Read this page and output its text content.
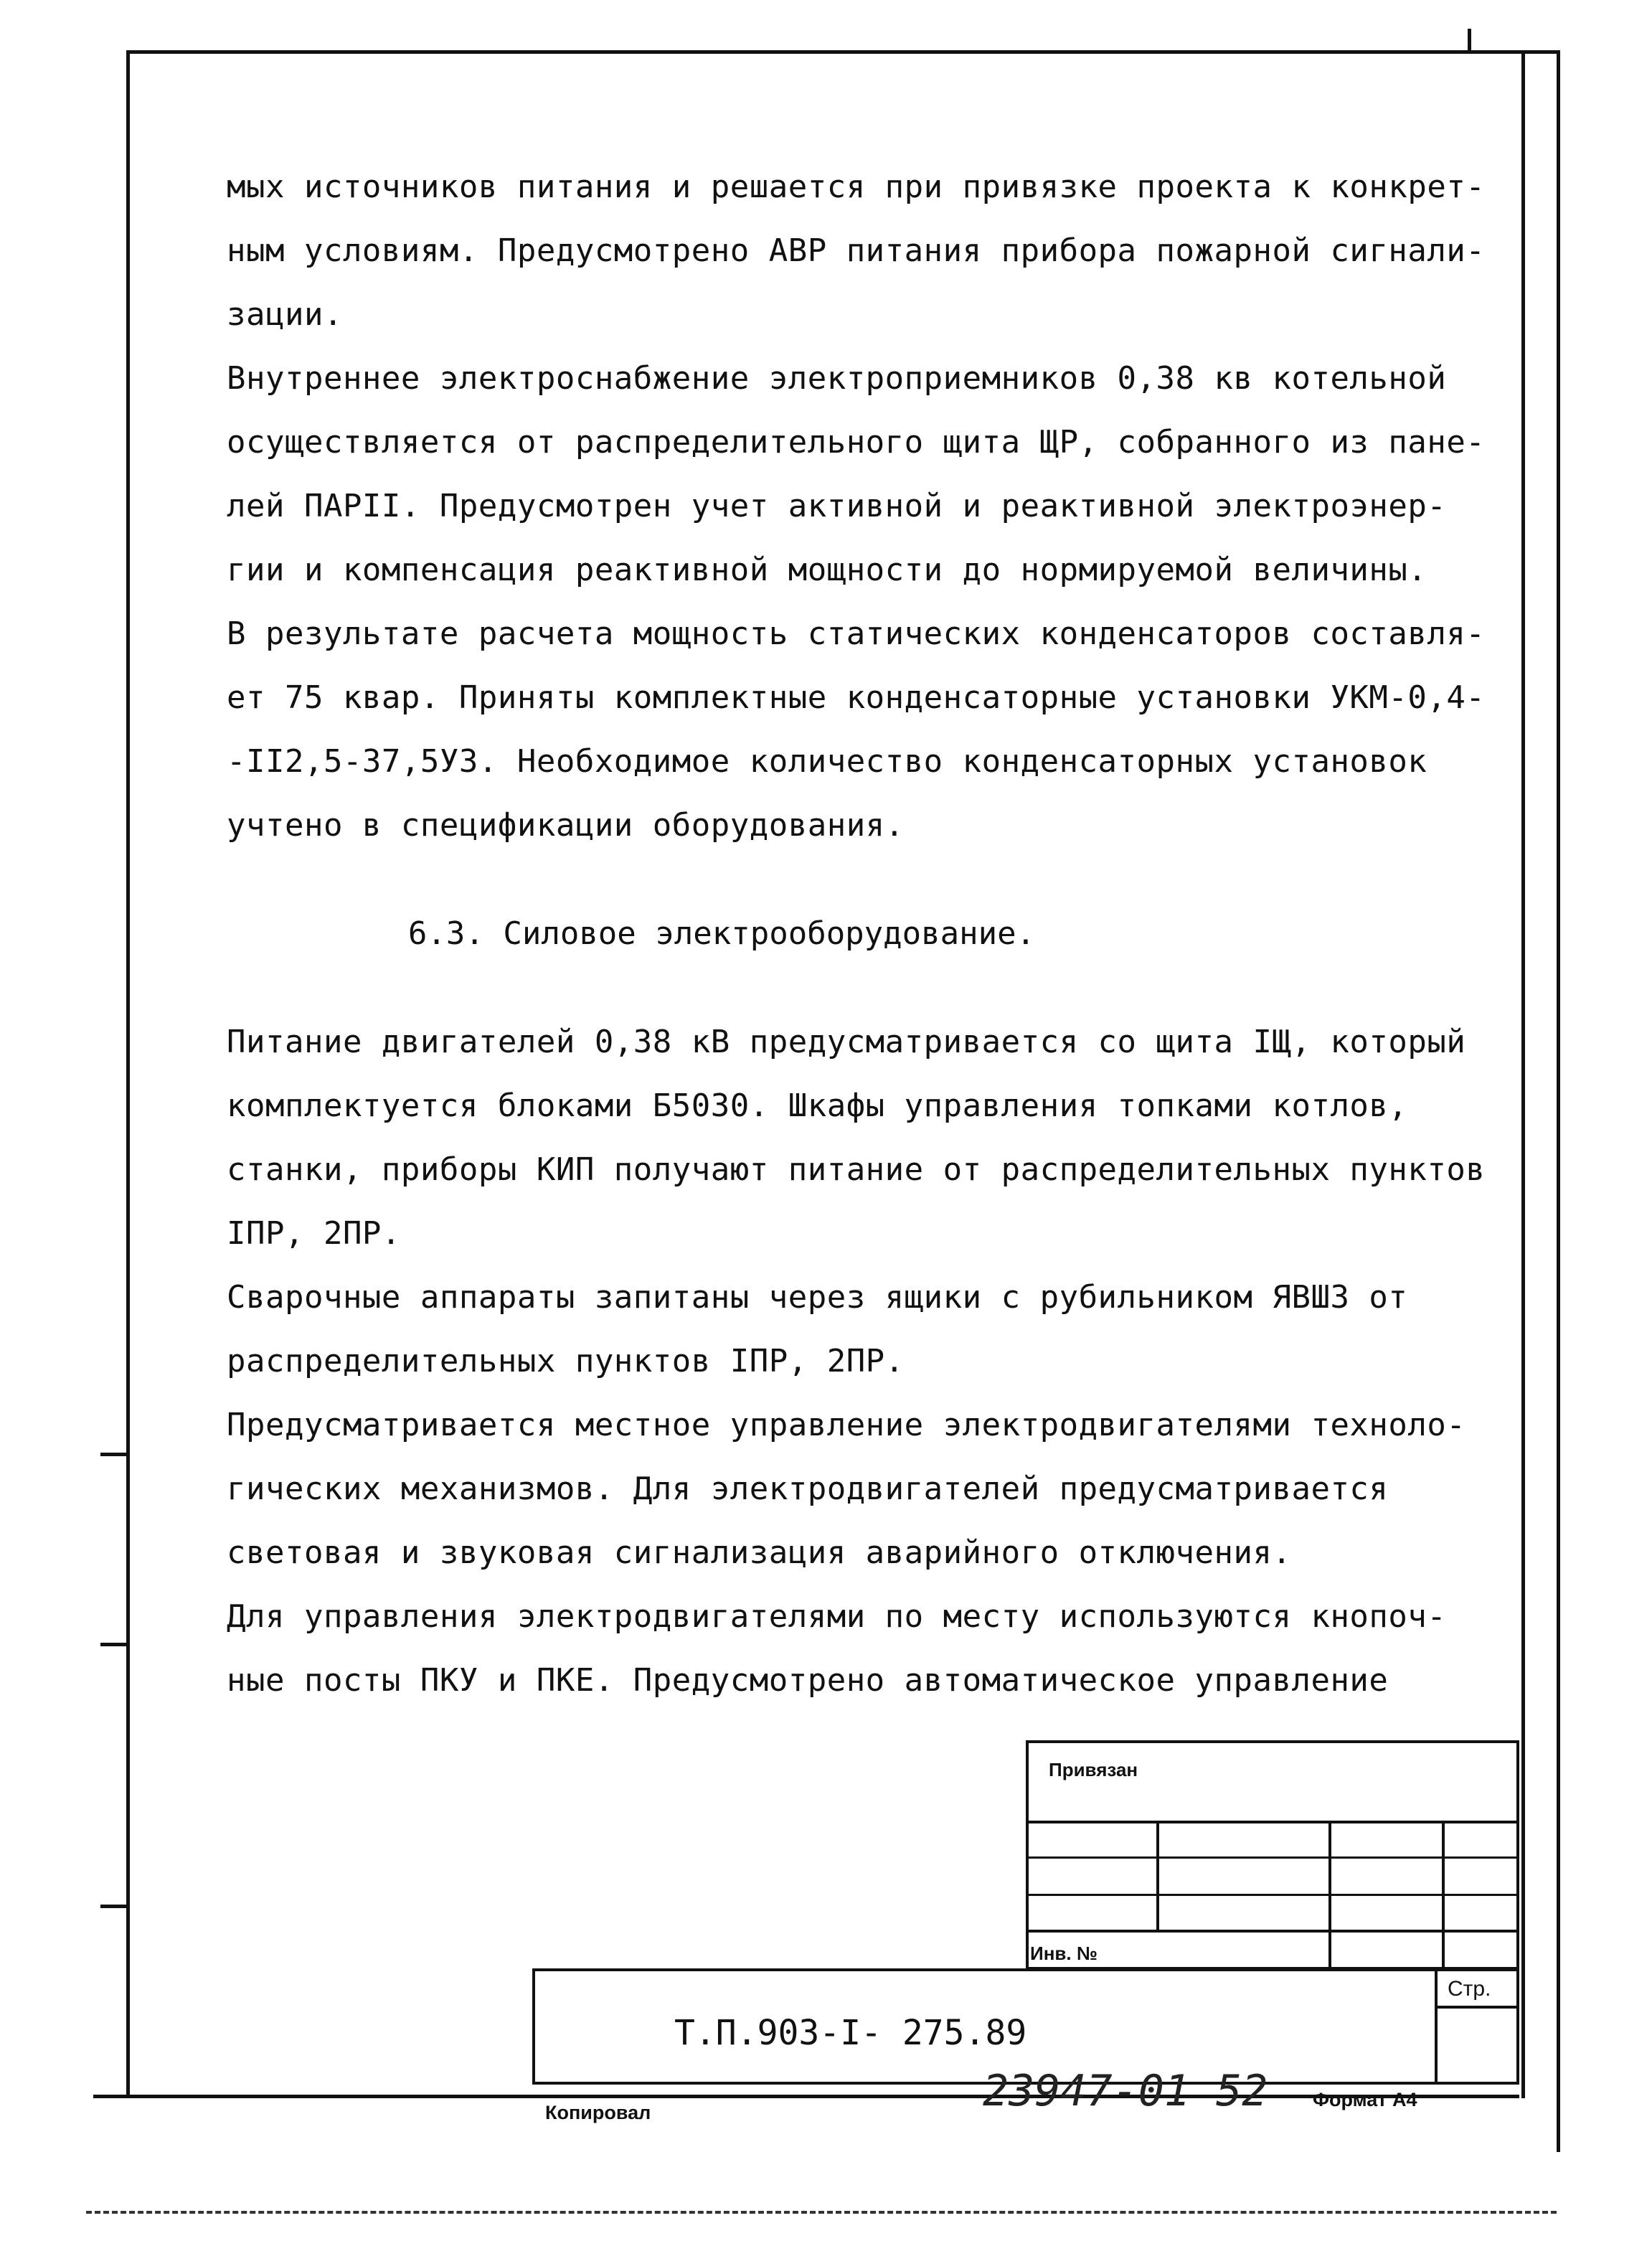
мых источников питания и решается при привязке проекта к конкрет-
ным условиям. Предусмотрено АВР питания прибора пожарной сигнали-
зации.
Внутреннее электроснабжение электроприемников 0,38 кв котельной
осуществляется от распределительного щита ЩР, собранного из пане-
лей ПАРII. Предусмотрен учет активной и реактивной электроэнер-
гии и компенсация реактивной мощности до нормируемой величины.
В результате расчета мощность статических конденсаторов составля-
ет 75 квар. Приняты комплектные конденсаторные установки УКМ-0,4-
-II2,5-37,5УЗ. Необходимое количество конденсаторных установок
учтено в спецификации оборудования.
6.3. Силовое электрооборудование.
Питание двигателей 0,38 кВ предусматривается со щита IЩ, который
комплектуется блоками Б5030. Шкафы управления топками котлов,
станки, приборы КИП получают питание от распределительных пунктов
IПР, 2ПР.
Сварочные аппараты запитаны через ящики с рубильником ЯВШЗ от
распределительных пунктов IПР, 2ПР.
Предусматривается местное управление электродвигателями техноло-
гических механизмов. Для электродвигателей предусматривается
световая и звуковая сигнализация аварийного отключения.
Для управления электродвигателями по месту используются кнопоч-
ные посты ПКУ и ПКЕ. Предусмотрено автоматическое управление
Привязан
Инв. №
Стр.
Т.П.903-I- 275.89
Копировал	23947-01 52 Формат А4
